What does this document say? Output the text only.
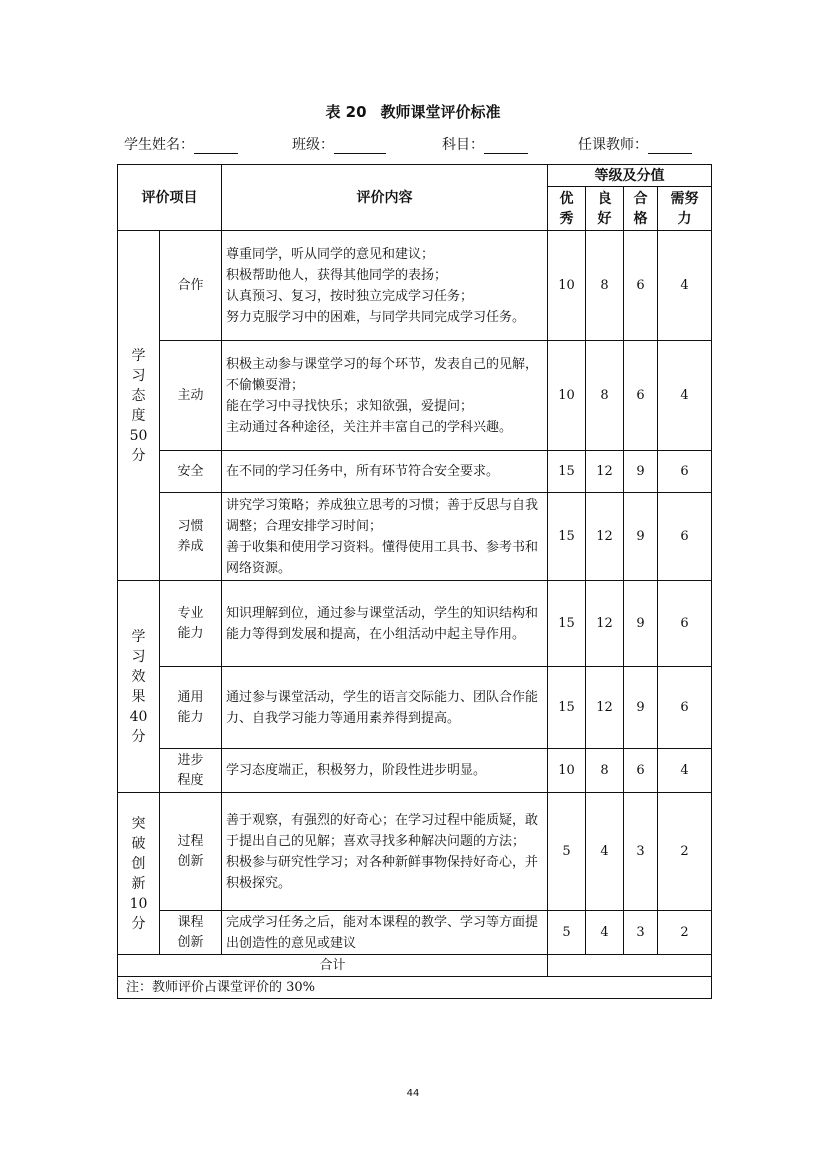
表 20 教师课堂评价标准
学生姓名：	班级：	科目：	任课教师：
评价项目		评价内容	等级及分值			

			优秀	良好	合格	需努力

学习态度50分	合作	尊重同学，听从同学的意见和建议；
积极帮助他人，获得其他同学的表扬；
认真预习、复习，按时独立完成学习任务；
努力克服学习中的困难，与同学共同完成学习任务。	10	8	6	4
	主动	积极主动参与课堂学习的每个环节，发表自己的见解，不偷懒耍滑；
能在学习中寻找快乐；求知欲强，爱提问；
主动通过各种途径，关注并丰富自己的学科兴趣。	10	8	6	4
	安全	在不同的学习任务中，所有环节符合安全要求。	15	12	9	6

	习惯养成	讲究学习策略；养成独立思考的习惯；善于反思与自我调整；合理安排学习时间；
善于收集和使用学习资料。懂得使用工具书、参考书和网络资源。	15	12	9	6

学习效果40分	专业能力	知识理解到位，通过参与课堂活动，学生的知识结构和能力等得到发展和提高，在小组活动中起主导作用。	15	12	9	6

	通用能力	通过参与课堂活动，学生的语言交际能力、团队合作能力、自我学习能力等通用素养得到提高。	15	12	9	6

	进步程度	学习态度端正，积极努力，阶段性进步明显。	10	8	6	4

突破创新10分	过程创新	善于观察，有强烈的好奇心；在学习过程中能质疑，敢于提出自己的见解；喜欢寻找多种解决问题的方法；
积极参与研究性学习；对各种新鲜事物保持好奇心，并积极探究。	5	4	3	2

	课程创新	完成学习任务之后，能对本课程的教学、学习等方面提出创造性的意见或建议	5	4	3	2
合计						
注：教师评价占课堂评价的 30%						
44
